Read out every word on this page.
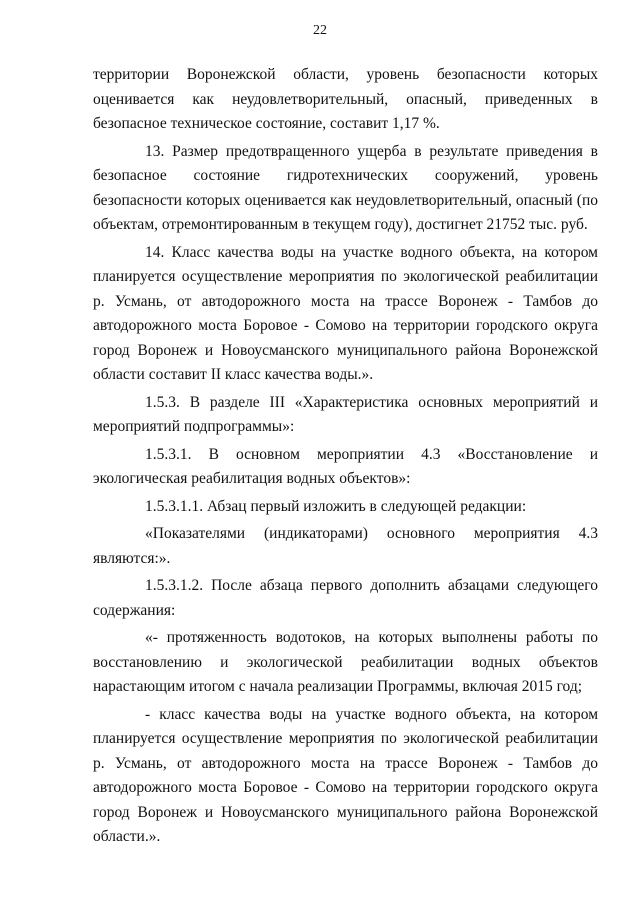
22

территории Воронежской области, уровень безопасности которых оценивается как неудовлетворительный, опасный, приведенных в безопасное техническое состояние, составит 1,17 %.

13. Размер предотвращенного ущерба в результате приведения в безопасное состояние гидротехнических сооружений, уровень безопасности которых оценивается как неудовлетворительный, опасный (по объектам, отремонтированным в текущем году), достигнет 21752 тыс. руб.

14. Класс качества воды на участке водного объекта, на котором планируется осуществление мероприятия по экологической реабилитации р. Усмань, от автодорожного моста на трассе Воронеж - Тамбов до автодорожного моста Боровое - Сомово на территории городского округа город Воронеж и Новоусманского муниципального района Воронежской области составит II класс качества воды.».

1.5.3. В разделе III «Характеристика основных мероприятий и мероприятий подпрограммы»:

1.5.3.1. В основном мероприятии 4.3 «Восстановление и экологическая реабилитация водных объектов»:

1.5.3.1.1. Абзац первый изложить в следующей редакции:

«Показателями (индикаторами) основного мероприятия 4.3 являются:».

1.5.3.1.2. После абзаца первого дополнить абзацами следующего содержания:

«- протяженность водотоков, на которых выполнены работы по восстановлению и экологической реабилитации водных объектов нарастающим итогом с начала реализации Программы, включая 2015 год;

- класс качества воды на участке водного объекта, на котором планируется осуществление мероприятия по экологической реабилитации р. Усмань, от автодорожного моста на трассе Воронеж - Тамбов до автодорожного моста Боровое - Сомово на территории городского округа город Воронеж и Новоусманского муниципального района Воронежской области.».
